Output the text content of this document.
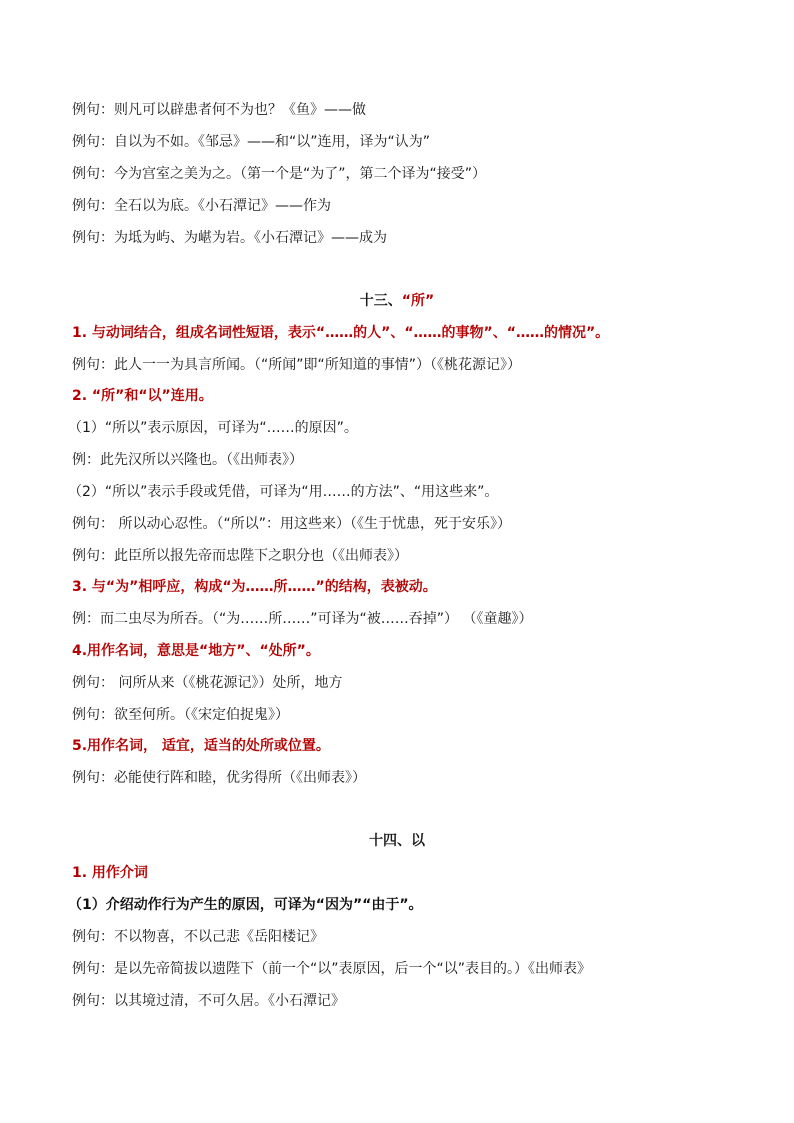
例句：则凡可以辟患者何不为也？《鱼》——做
例句：自以为不如。《邹忌》——和“以”连用，译为“认为”
例句：今为宫室之美为之。（第一个是“为了”，第二个译为“接受”）
例句：全石以为底。《小石潭记》——作为
例句：为坻为屿、为嵁为岩。《小石潭记》——成为
十三、“所”
1. 与动词结合，组成名词性短语，表示“……的人”、“……的事物”、“……的情况”。
例句：此人一一为具言所闻。（“所闻”即“所知道的事情”）（《桃花源记》）
2. “所”和“以”连用。
（1）“所以”表示原因，可译为“……的原因”。
例：此先汉所以兴隆也。（《出师表》）
（2）“所以”表示手段或凭借，可译为“用……的方法”、“用这些来”。
例句： 所以动心忍性。（“所以”：用这些来）（《生于忧患，死于安乐》）
例句：此臣所以报先帝而忠陛下之职分也（《出师表》）
3. 与“为”相呼应，构成“为……所……”的结构，表被动。
例：而二虫尽为所吞。（“为……所……”可译为“被……吞掉”） （《童趣》）
4.用作名词，意思是“地方”、“处所”。
例句： 问所从来（《桃花源记》）处所，地方
例句：欲至何所。（《宋定伯捉鬼》）
5.用作名词， 适宜，适当的处所或位置。
例句：必能使行阵和睦，优劣得所（《出师表》）
十四、以
1. 用作介词
（1）介绍动作行为产生的原因，可译为“因为”“由于”。
例句：不以物喜，不以己悲《岳阳楼记》
例句：是以先帝简拔以遗陛下（前一个“以”表原因，后一个“以”表目的。）《出师表》
例句：以其境过清，不可久居。《小石潭记》
